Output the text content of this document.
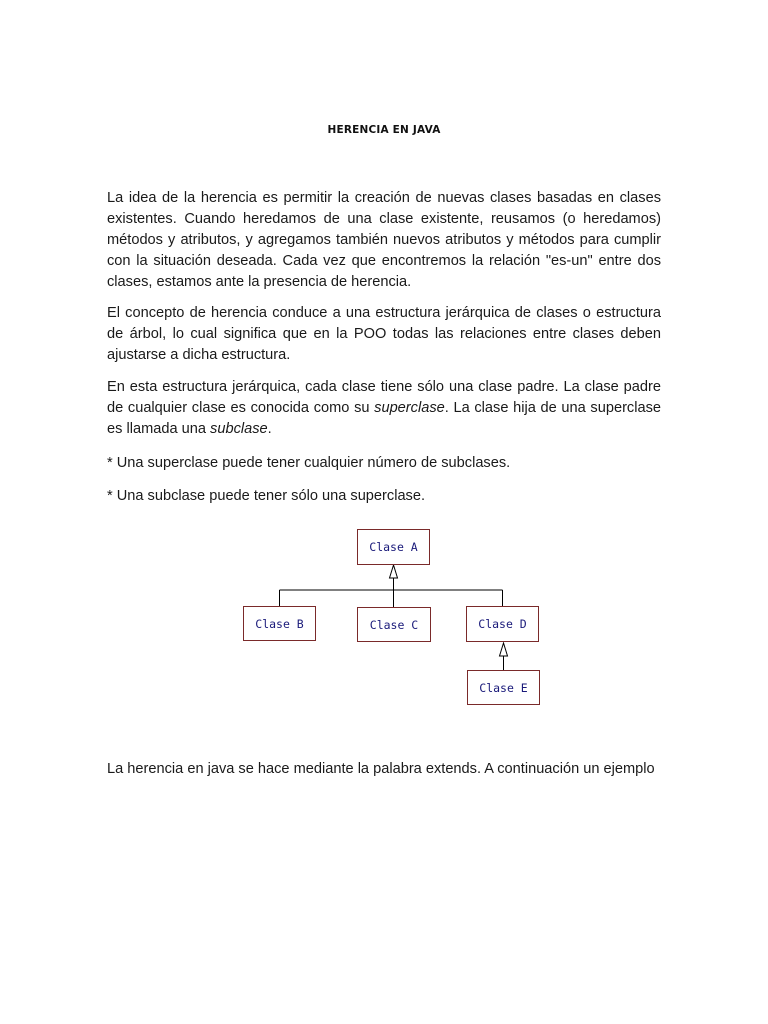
HERENCIA EN JAVA

La idea de la herencia es permitir la creación de nuevas clases basadas en clases existentes. Cuando heredamos de una clase existente, reusamos (o heredamos) métodos y atributos, y agregamos también nuevos atributos y métodos para cumplir con la situación deseada. Cada vez que encontremos la relación "es-un" entre dos clases, estamos ante la presencia de herencia.

El concepto de herencia conduce a una estructura jerárquica de clases o estructura de árbol, lo cual significa que en la POO todas las relaciones entre clases deben ajustarse a dicha estructura.

En esta estructura jerárquica, cada clase tiene sólo una clase padre. La clase padre de cualquier clase es conocida como su superclase. La clase hija de una superclase es llamada una subclase.

* Una superclase puede tener cualquier número de subclases.

* Una subclase puede tener sólo una superclase.

Clase A
Clase B	Clase C	Clase D
Clase E

La herencia en java se hace mediante la palabra extends. A continuación un ejemplo
